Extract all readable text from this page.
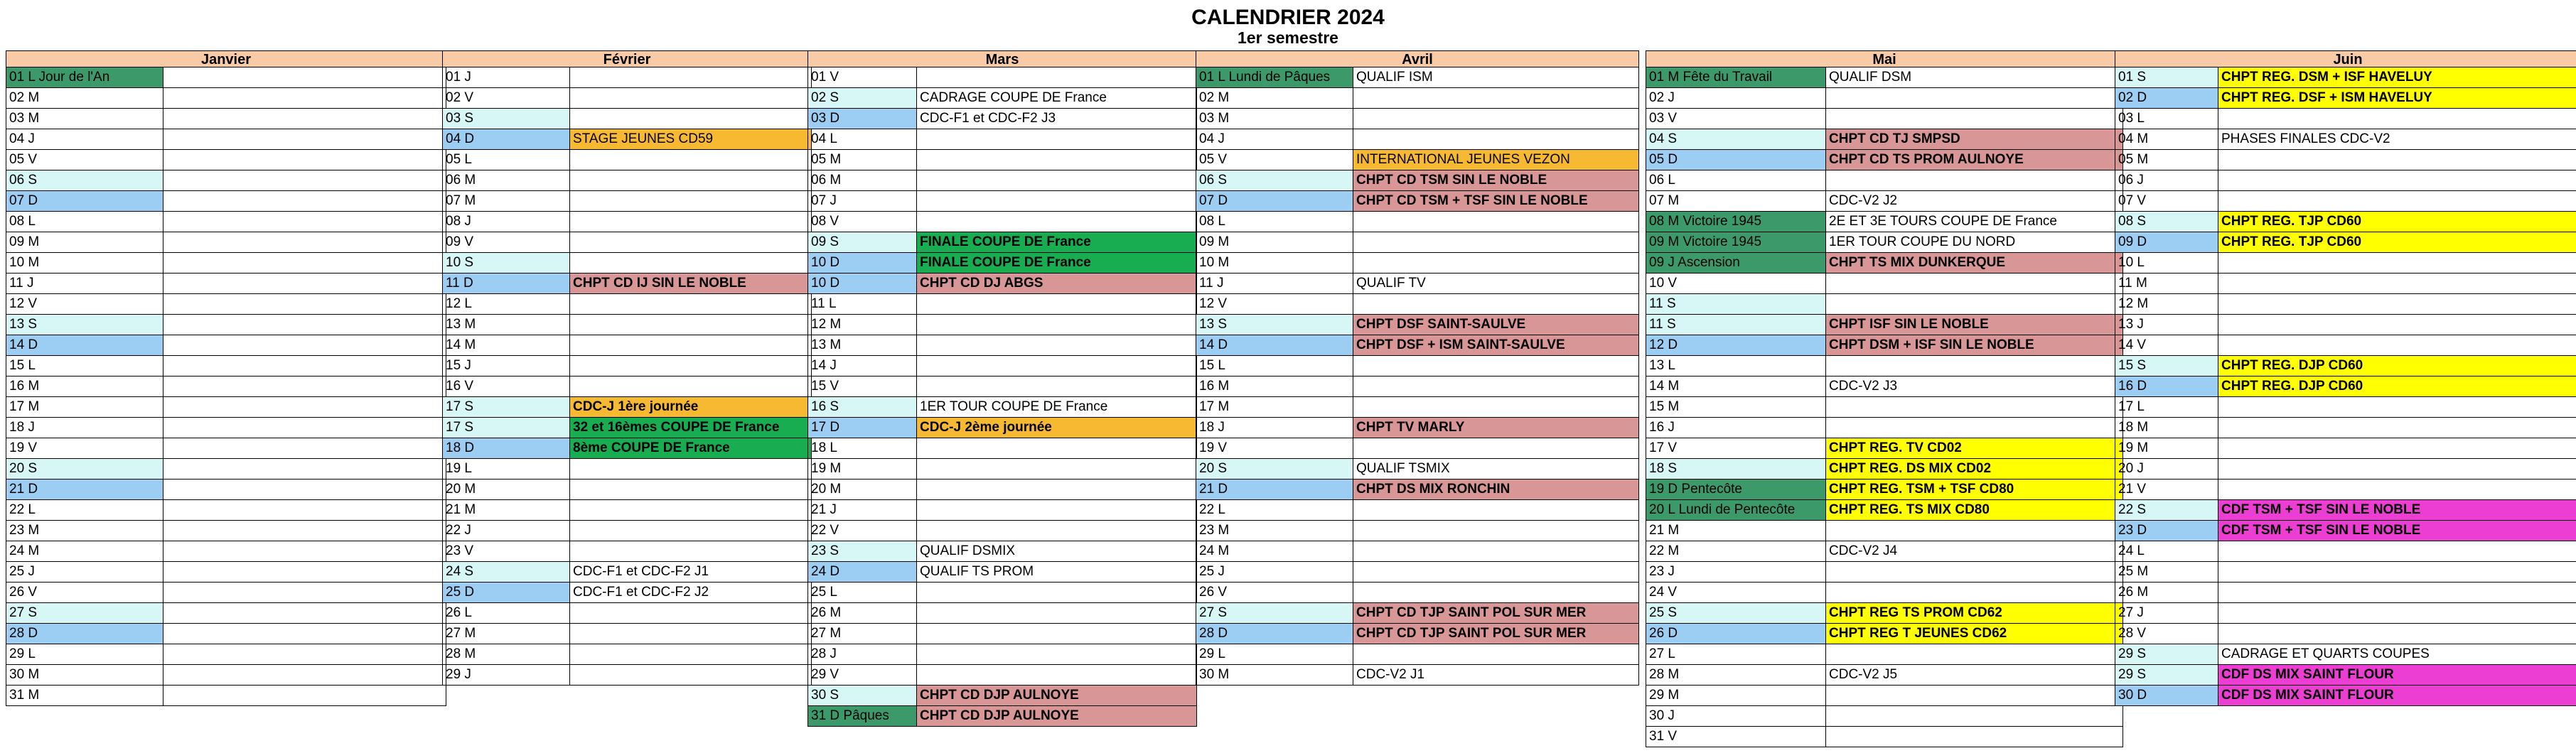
CALENDRIER 2024
1er semestre
Janvier
01 L Jour de l'An
02 M
03 M
04 J
05 V
06 S
07 D
08 L
09 M
10 M
11 J
12 V
13 S
14 D
15 L
16 M
17 M
18 J
19 V
20 S
21 D
22 L
23 M
24 M
25 J
26 V
27 S
28 D
29 L
30 M
31 M
Février
01 J
02 V
03 S
04 D	STAGE JEUNES CD59
05 L
06 M
07 M
08 J
09 V
10 S
11 D	CHPT CD IJ SIN LE NOBLE
12 L
13 M
14 M
15 J
16 V
17 S	CDC-J 1ère journée
17 S	32 et 16èmes COUPE DE France
18 D	8ème COUPE DE France
19 L
20 M
21 M
22 J
23 V
24 S	CDC-F1 et CDC-F2 J1
25 D	CDC-F1 et CDC-F2 J2
26 L
27 M
28 M
29 J
Mars
01 V
02 S	CADRAGE COUPE DE France
03 D	CDC-F1 et CDC-F2 J3
04 L
05 M
06 M
07 J
08 V
09 S	FINALE COUPE DE France
10 D	FINALE COUPE DE France
10 D	CHPT CD DJ ABGS
11 L
12 M
13 M
14 J
15 V
16 S	1ER TOUR COUPE DE France
17 D	CDC-J 2ème journée
18 L
19 M
20 M
21 J
22 V
23 S	QUALIF DSMIX
24 D	QUALIF TS PROM
25 L
26 M
27 M
28 J
29 V
30 S	CHPT CD DJP AULNOYE
31 D Pâques	CHPT CD DJP AULNOYE
Avril
01 L Lundi de Pâques	QUALIF ISM
02 M
03 M
04 J
05 V	INTERNATIONAL JEUNES VEZON
06 S	CHPT CD TSM SIN LE NOBLE
07 D	CHPT CD TSM + TSF SIN LE NOBLE
08 L
09 M
10 M
11 J	QUALIF TV
12 V
13 S	CHPT DSF SAINT-SAULVE
14 D	CHPT DSF + ISM SAINT-SAULVE
15 L
16 M
17 M
18 J	CHPT TV MARLY
19 V
20 S	QUALIF TSMIX
21 D	CHPT DS MIX RONCHIN
22 L
23 M
24 M
25 J
26 V
27 S	CHPT CD TJP SAINT POL SUR MER
28 D	CHPT CD TJP SAINT POL SUR MER
29 L
30 M	CDC-V2 J1
Mai
01 M Fête du Travail	QUALIF DSM
02 J
03 V
04 S	CHPT CD TJ SMPSD
05 D	CHPT CD TS PROM AULNOYE
06 L
07 M	CDC-V2 J2
08 M Victoire 1945	2E ET 3E TOURS COUPE DE France
09 M Victoire 1945	1ER TOUR COUPE DU NORD
09 J Ascension	CHPT TS MIX DUNKERQUE
10 V
11 S
11 S	CHPT ISF SIN LE NOBLE
12 D	CHPT DSM + ISF SIN LE NOBLE
13 L
14 M	CDC-V2 J3
15 M
16 J
17 V	CHPT REG. TV CD02
18 S	CHPT REG. DS MIX CD02
19 D Pentecôte	CHPT REG. TSM + TSF CD80
20 L Lundi de Pentecôte	CHPT REG. TS MIX CD80
21 M
22 M	CDC-V2 J4
23 J
24 V
25 S	CHPT REG TS PROM CD62
26 D	CHPT REG T JEUNES CD62
27 L
28 M	CDC-V2 J5
29 M
30 J
31 V
Juin
01 S	CHPT REG. DSM + ISF HAVELUY
02 D	CHPT REG. DSF + ISM HAVELUY
03 L
04 M	PHASES FINALES CDC-V2
05 M
06 J
07 V
08 S	CHPT REG. TJP CD60
09 D	CHPT REG. TJP CD60
10 L
11 M
12 M
13 J
14 V
15 S	CHPT REG. DJP CD60
16 D	CHPT REG. DJP CD60
17 L
18 M
19 M
20 J
21 V
22 S	CDF TSM + TSF SIN LE NOBLE
23 D	CDF TSM + TSF SIN LE NOBLE
24 L
25 M
26 M
27 J
28 V
29 S	CADRAGE ET QUARTS COUPES
29 S	CDF DS MIX SAINT FLOUR
30 D	CDF DS MIX SAINT FLOUR
